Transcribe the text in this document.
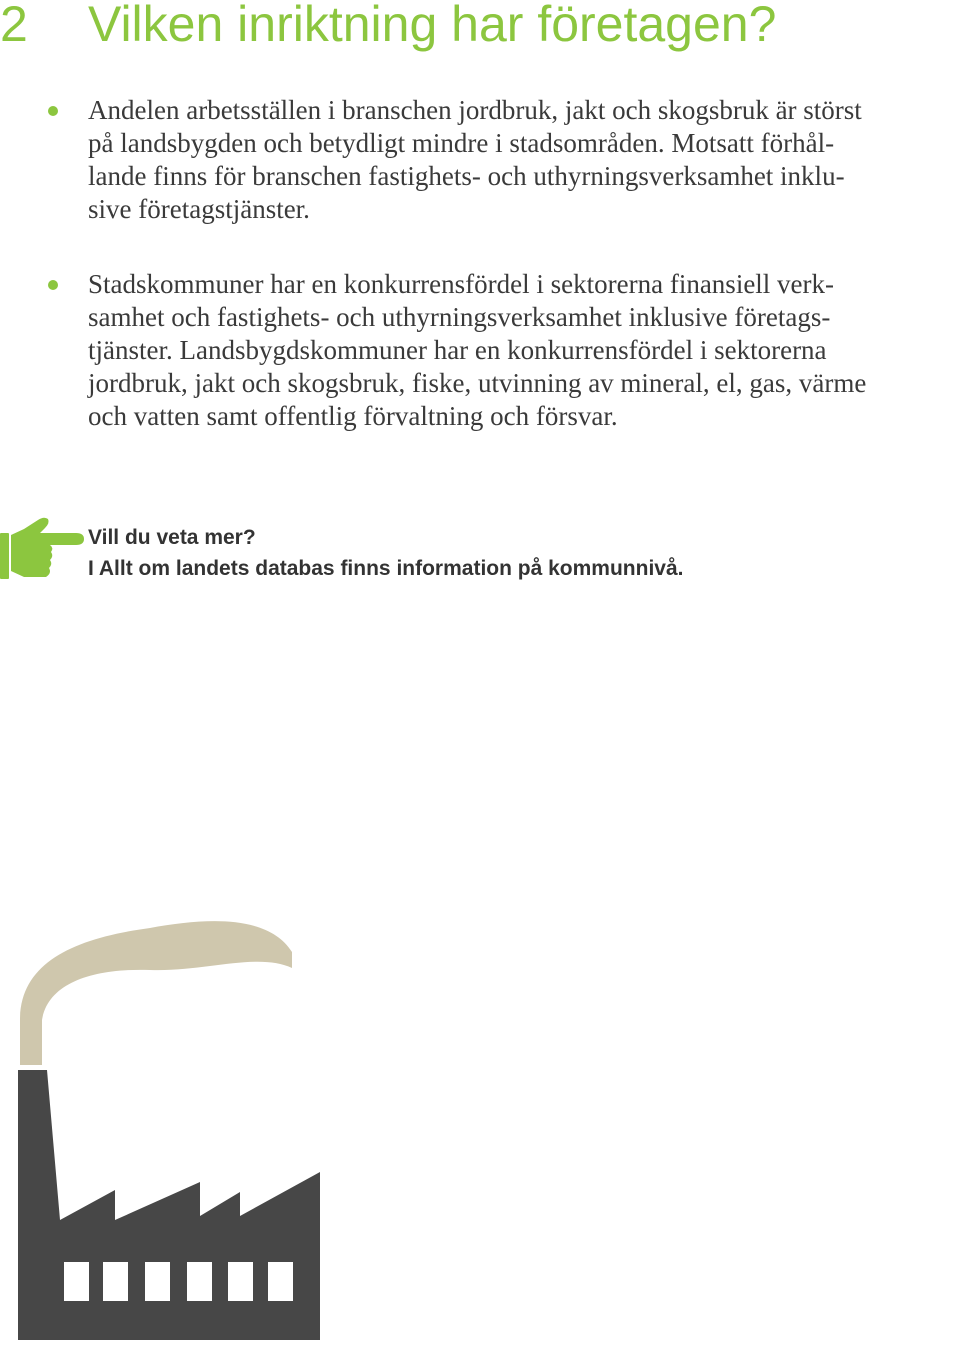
2 Vilken inriktning har företagen?
Andelen arbetsställen i branschen jordbruk, jakt och skogsbruk är störst
på landsbygden och betydligt mindre i stadsområden. Motsatt förhål-
lande finns för branschen fastighets- och uthyrningsverksamhet inklu-
sive företagstjänster.
Stadskommuner har en konkurrensfördel i sektorerna finansiell verk-
samhet och fastighets- och uthyrningsverksamhet inklusive företags-
tjänster. Landsbygdskommuner har en konkurrensfördel i sektorerna
jordbruk, jakt och skogsbruk, fiske, utvinning av mineral, el, gas, värme
och vatten samt offentlig förvaltning och försvar.
Vill du veta mer?
I Allt om landets databas finns information på kommunnivå.
